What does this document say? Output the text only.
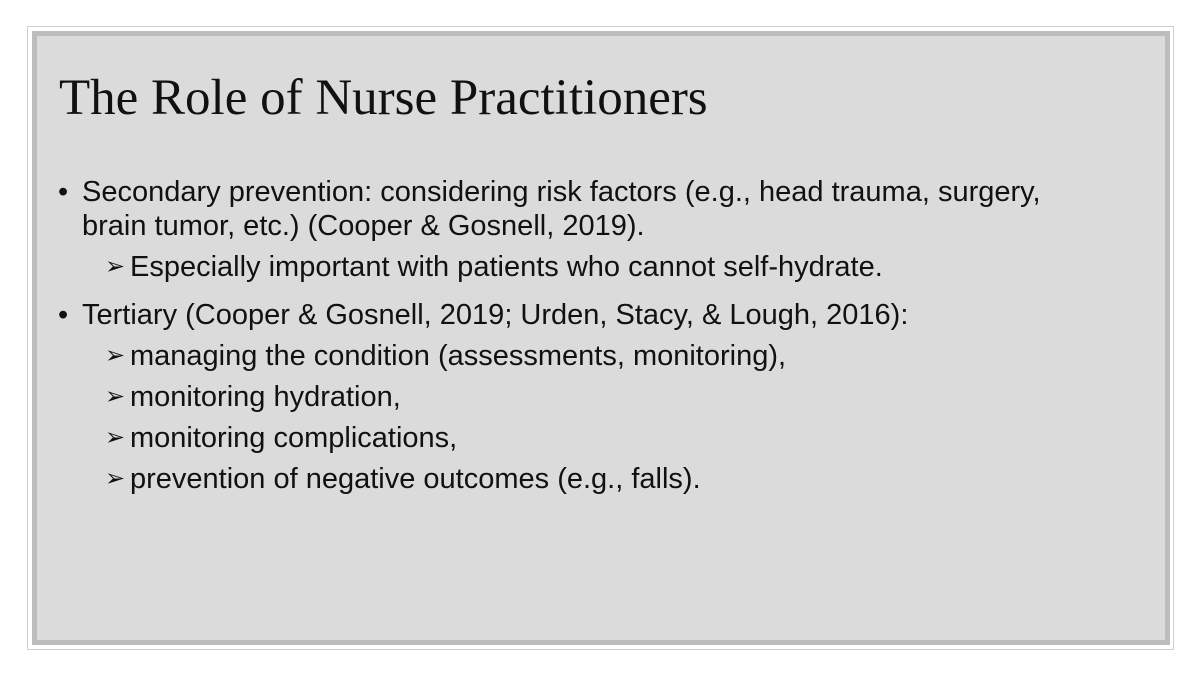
The Role of Nurse Practitioners
• Secondary prevention: considering risk factors (e.g., head trauma, surgery, brain tumor, etc.) (Cooper & Gosnell, 2019).
➢ Especially important with patients who cannot self-hydrate.
• Tertiary (Cooper & Gosnell, 2019; Urden, Stacy, & Lough, 2016):
➢ managing the condition (assessments, monitoring),
➢ monitoring hydration,
➢ monitoring complications,
➢ prevention of negative outcomes (e.g., falls).
